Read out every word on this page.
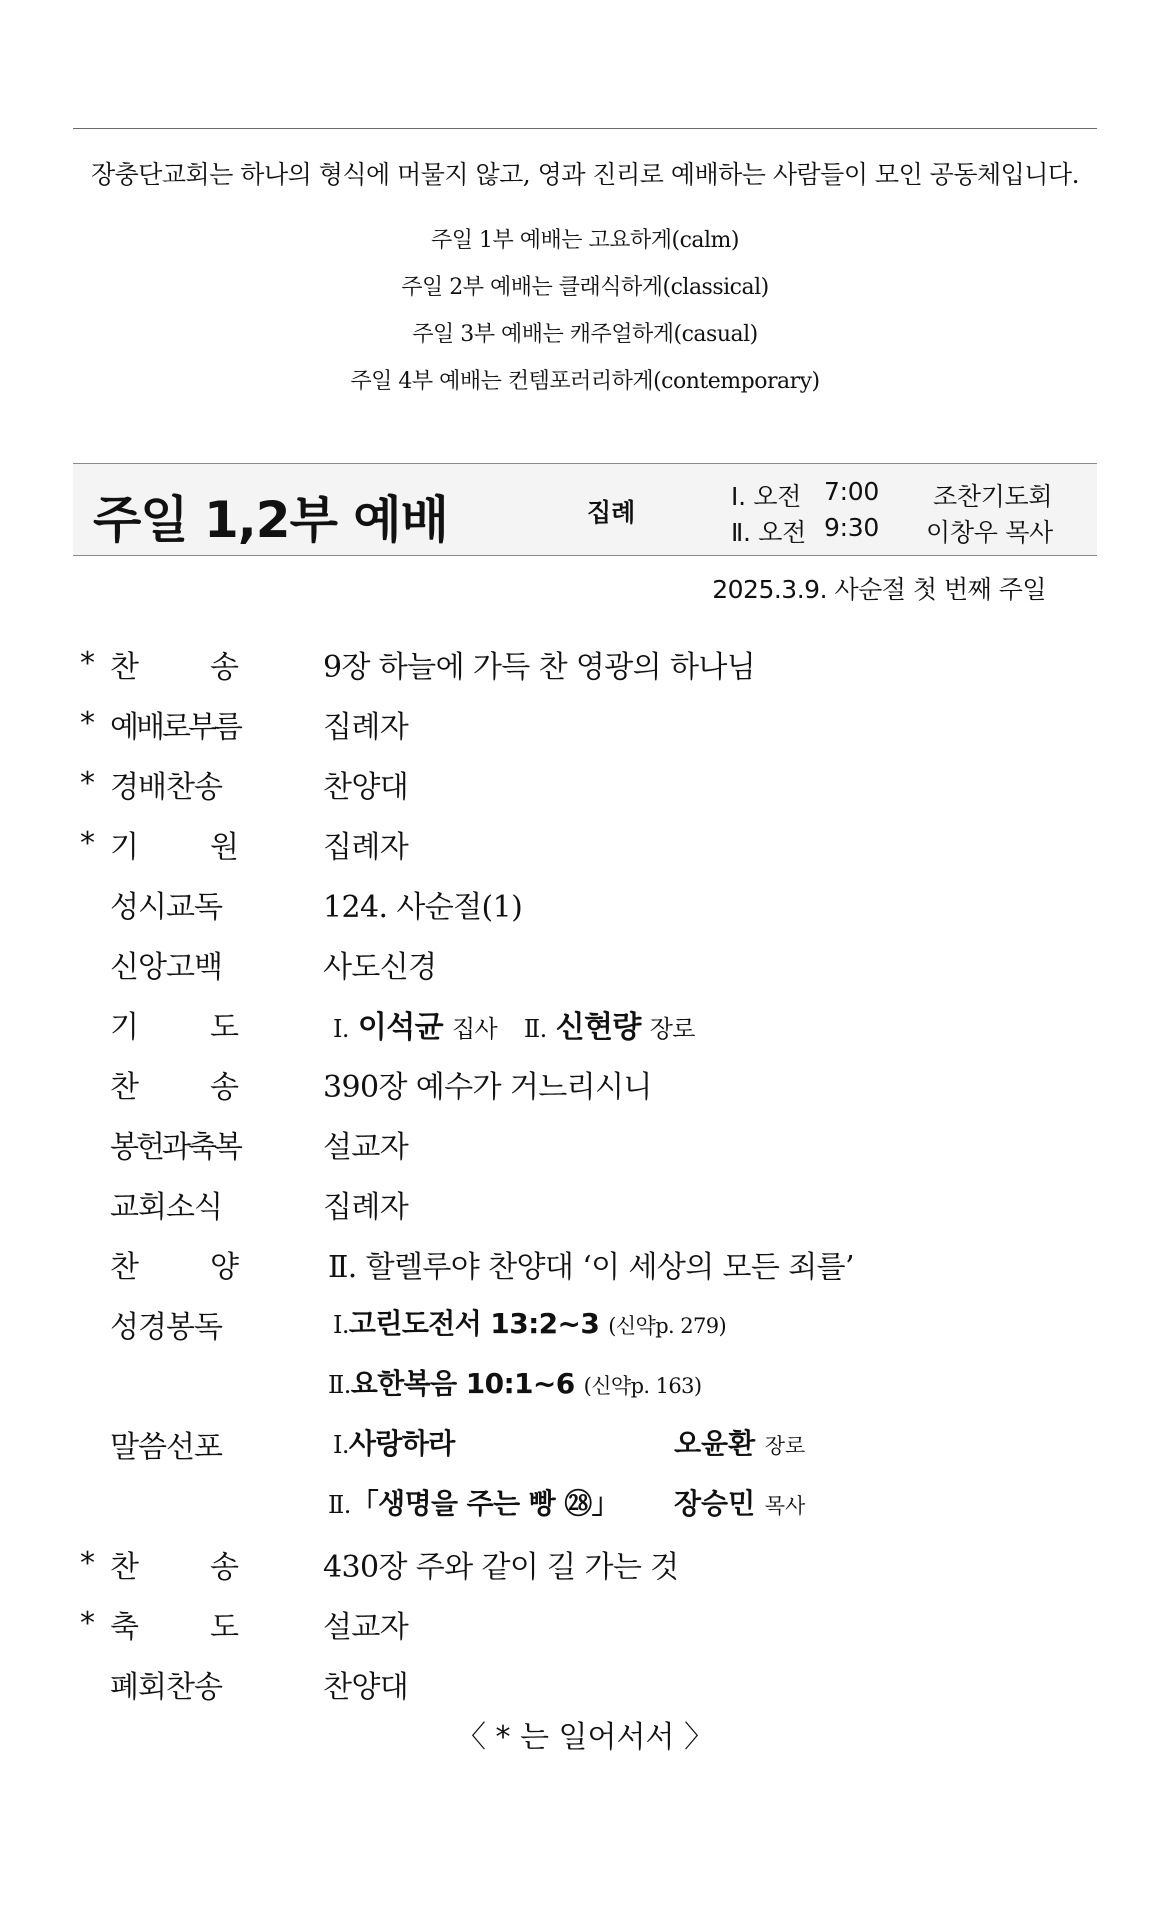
장충단교회는 하나의 형식에 머물지 않고, 영과 진리로 예배하는 사람들이 모인 공동체입니다.
주일 1부 예배는 고요하게(calm)
주일 2부 예배는 클래식하게(classical)
주일 3부 예배는 캐주얼하게(casual)
주일 4부 예배는 컨템포러리하게(contemporary)
주일 1,2부 예배	집례
Ⅰ. 오전 7:00 조찬기도회
Ⅱ. 오전 9:30 이창우 목사
2025.3.9. 사순절 첫 번째 주일
* 찬 송	9장 하늘에 가득 찬 영광의 하나님
* 예배로부름	집례자
* 경배찬송	찬양대
* 기 원	집례자
성시교독	124. 사순절(1)
신앙고백	사도신경
기 도	Ⅰ. 이석균 집사 Ⅱ. 신현량 장로
찬 송	390장 예수가 거느리시니
봉헌과축복	설교자
교회소식	집례자
찬 양	Ⅱ. 할렐루야 찬양대 ‘이 세상의 모든 죄를’
성경봉독	Ⅰ.고린도전서 13:2~3 (신약p. 279)
Ⅱ.요한복음 10:1~6 (신약p. 163)
말씀선포	Ⅰ.사랑하라	오윤환 장로
Ⅱ.「생명을 주는 빵 ㉘」 장승민 목사
* 찬 송	430장 주와 같이 길 가는 것
* 축 도	설교자
폐회찬송	찬양대
〈 * 는 일어서서 〉
